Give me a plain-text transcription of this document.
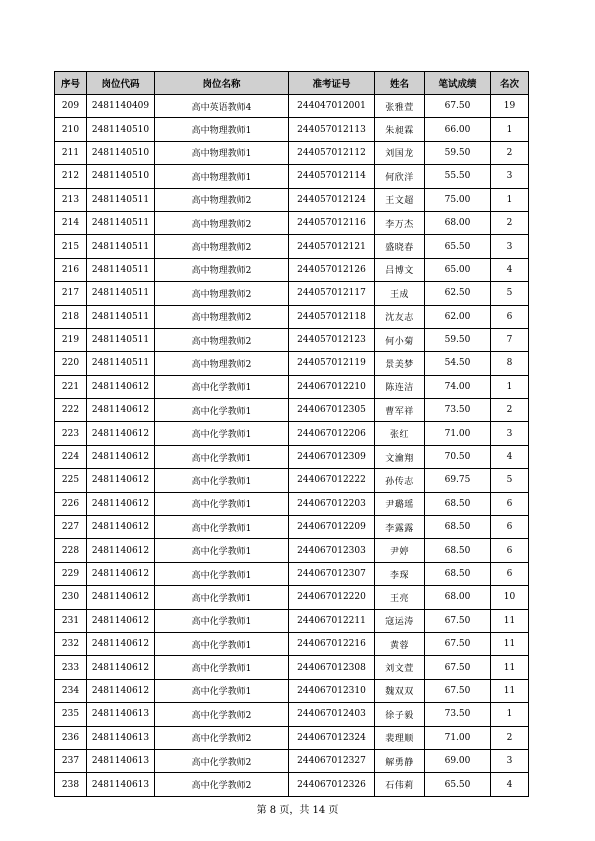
序号	岗位代码	岗位名称	准考证号	姓名	笔试成绩	名次
209	2481140409	高中英语教师4	244047012001	张雅萱	67.50	19
210	2481140510	高中物理教师1	244057012113	朱昶霖	66.00	1
211	2481140510	高中物理教师1	244057012112	刘国龙	59.50	2
212	2481140510	高中物理教师1	244057012114	何欣洋	55.50	3
213	2481140511	高中物理教师2	244057012124	王文超	75.00	1
214	2481140511	高中物理教师2	244057012116	李万杰	68.00	2
215	2481140511	高中物理教师2	244057012121	盛晓春	65.50	3
216	2481140511	高中物理教师2	244057012126	吕博文	65.00	4
217	2481140511	高中物理教师2	244057012117	王成	62.50	5
218	2481140511	高中物理教师2	244057012118	沈友志	62.00	6
219	2481140511	高中物理教师2	244057012123	何小菊	59.50	7
220	2481140511	高中物理教师2	244057012119	景美梦	54.50	8
221	2481140612	高中化学教师1	244067012210	陈连洁	74.00	1
222	2481140612	高中化学教师1	244067012305	曹军祥	73.50	2
223	2481140612	高中化学教师1	244067012206	张红	71.00	3
224	2481140612	高中化学教师1	244067012309	文瀹翔	70.50	4
225	2481140612	高中化学教师1	244067012222	孙传志	69.75	5
226	2481140612	高中化学教师1	244067012203	尹璐瑶	68.50	6
227	2481140612	高中化学教师1	244067012209	李露露	68.50	6
228	2481140612	高中化学教师1	244067012303	尹婷	68.50	6
229	2481140612	高中化学教师1	244067012307	李琛	68.50	6
230	2481140612	高中化学教师1	244067012220	王亮	68.00	10
231	2481140612	高中化学教师1	244067012211	寇运涛	67.50	11
232	2481140612	高中化学教师1	244067012216	黄蓉	67.50	11
233	2481140612	高中化学教师1	244067012308	刘文萱	67.50	11
234	2481140612	高中化学教师1	244067012310	魏双双	67.50	11
235	2481140613	高中化学教师2	244067012403	徐子毅	73.50	1
236	2481140613	高中化学教师2	244067012324	裴理顺	71.00	2
237	2481140613	高中化学教师2	244067012327	解勇静	69.00	3
238	2481140613	高中化学教师2	244067012326	石伟莉	65.50	4
第 8 页，共 14 页
